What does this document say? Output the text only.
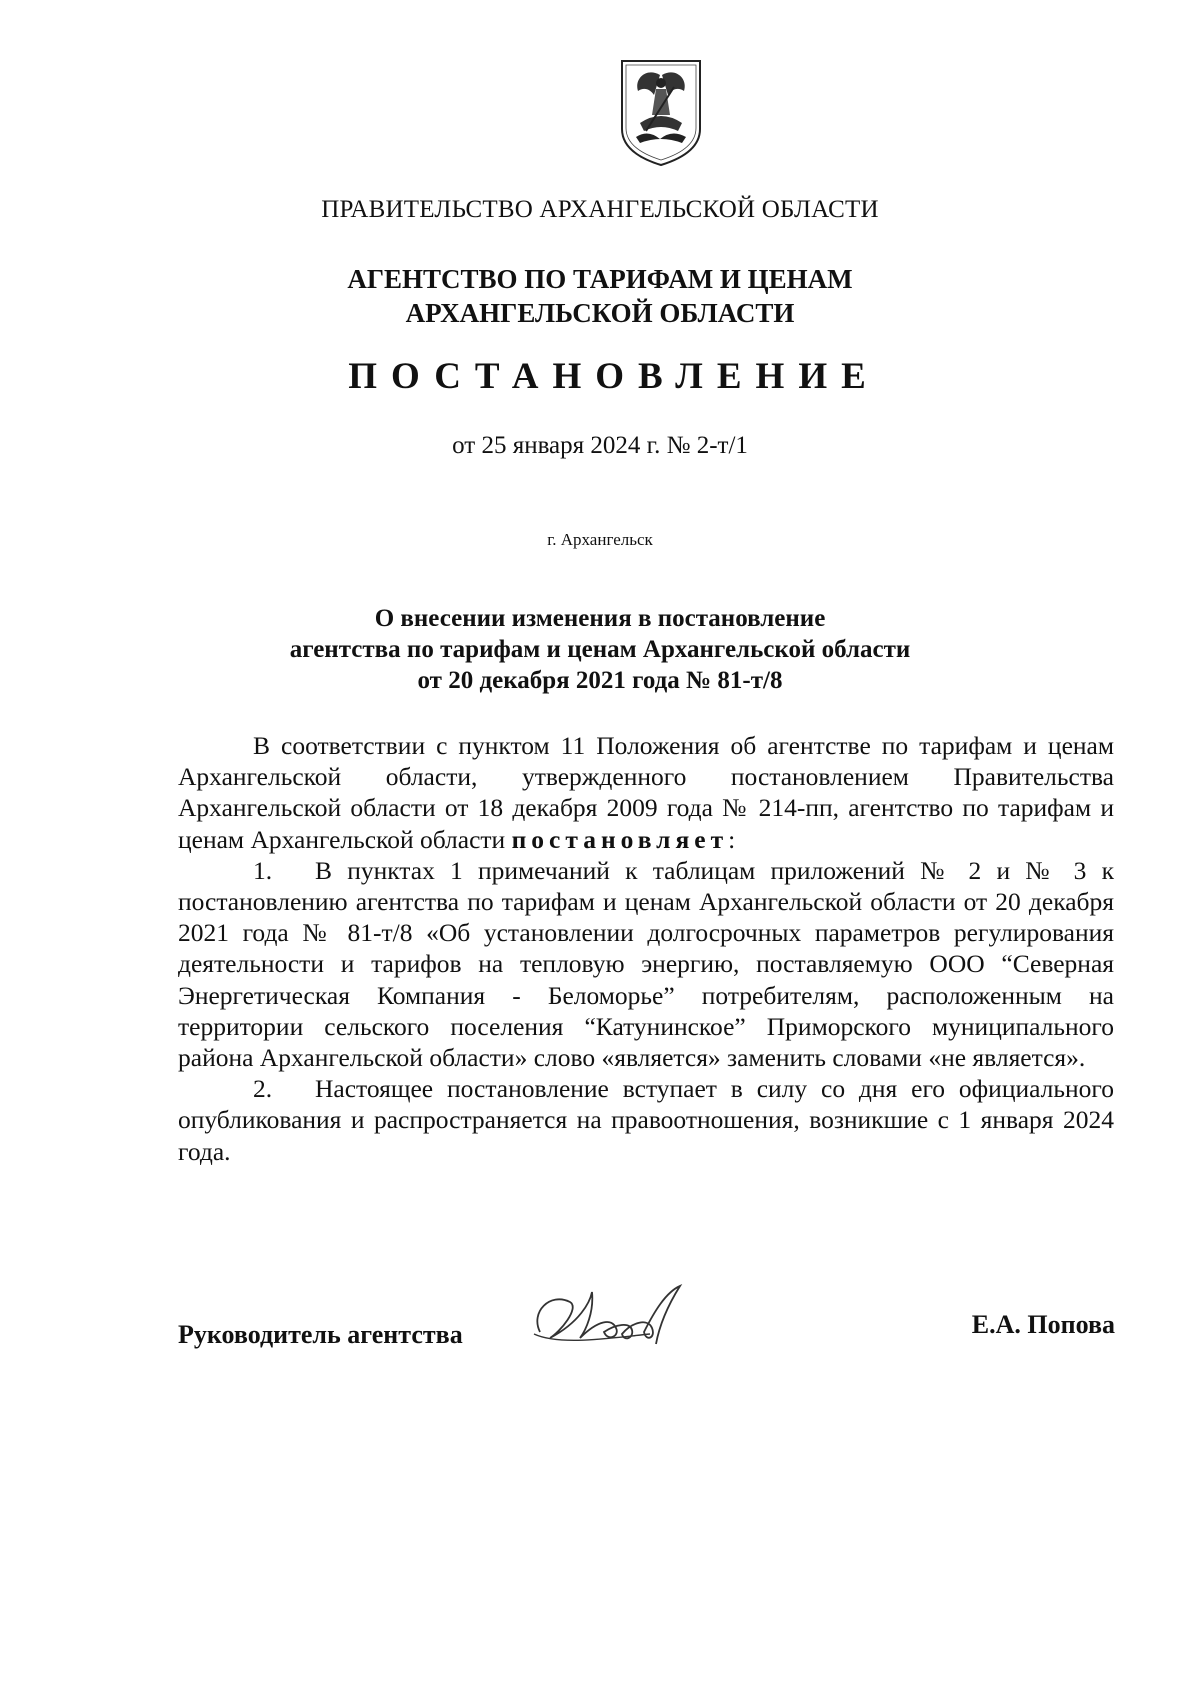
ПРАВИТЕЛЬСТВО АРХАНГЕЛЬСКОЙ ОБЛАСТИ
АГЕНТСТВО ПО ТАРИФАМ И ЦЕНАМ
АРХАНГЕЛЬСКОЙ ОБЛАСТИ
ПОСТАНОВЛЕНИЕ
от 25 января 2024 г. № 2-т/1
г. Архангельск
О внесении изменения в постановление
агентства по тарифам и ценам Архангельской области
от 20 декабря 2021 года № 81-т/8

В соответствии с пунктом 11 Положения об агентстве по тарифам и ценам Архангельской области, утвержденного постановлением Правительства Архангельской области от 18 декабря 2009 года № 214-пп, агентство по тарифам и ценам Архангельской области постановляет:

1. В пунктах 1 примечаний к таблицам приложений № 2 и № 3 к постановлению агентства по тарифам и ценам Архангельской области от 20 декабря 2021 года № 81-т/8 «Об установлении долгосрочных параметров регулирования деятельности и тарифов на тепловую энергию, поставляемую ООО “Северная Энергетическая Компания - Беломорье” потребителям, расположенным на территории сельского поселения “Катунинское” Приморского муниципального района Архангельской области» слово «является» заменить словами «не является».

2. Настоящее постановление вступает в силу со дня его официального опубликования и распространяется на правоотношения, возникшие с 1 января 2024 года.

Руководитель агентства	Е.А. Попова
